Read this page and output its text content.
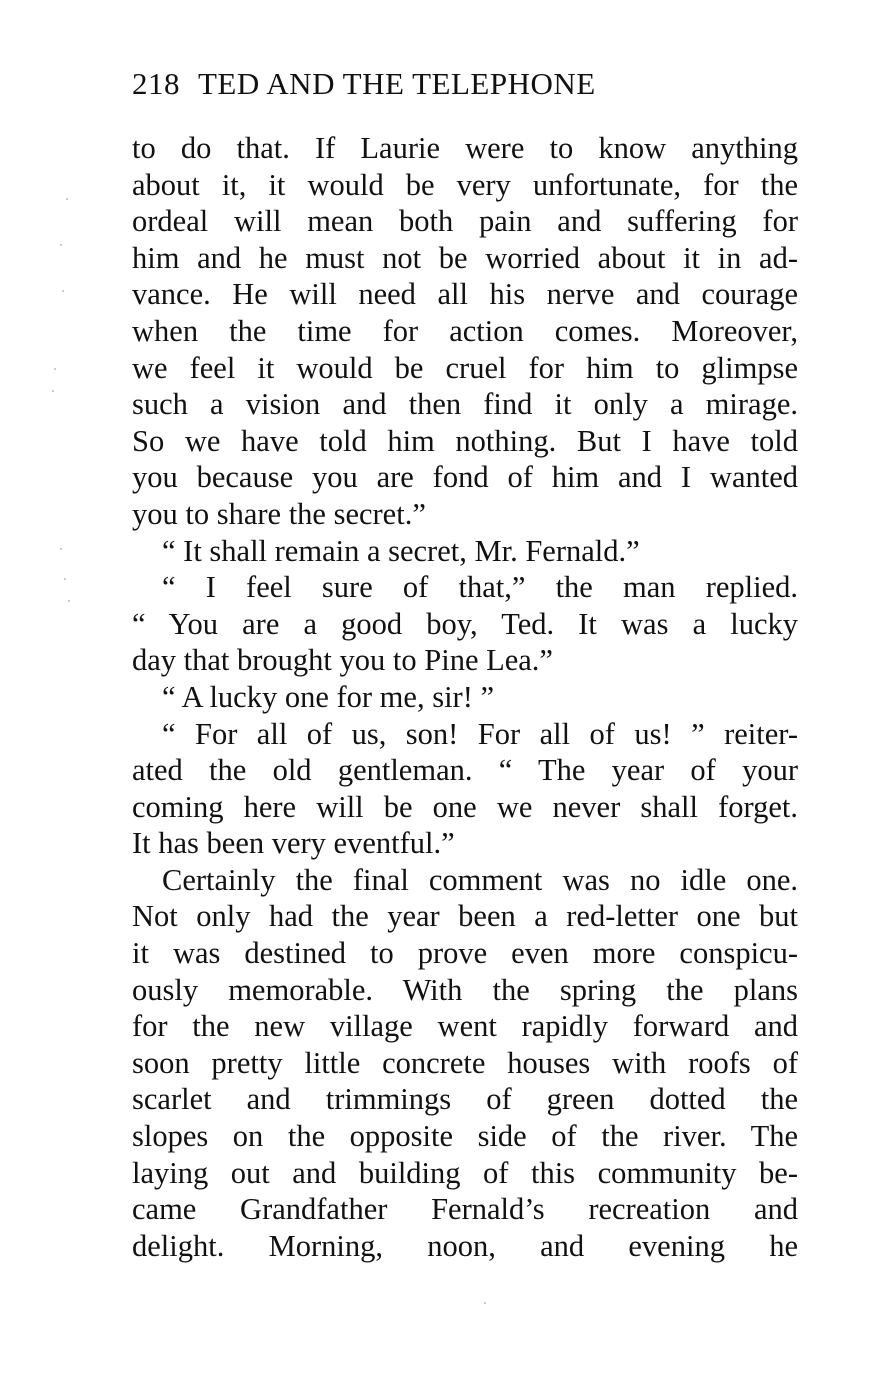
218 TED AND THE TELEPHONE
to do that. If Laurie were to know anything
about it, it would be very unfortunate, for the
ordeal will mean both pain and suffering for
him and he must not be worried about it in ad-
vance. He will need all his nerve and courage
when the time for action comes. Moreover,
we feel it would be cruel for him to glimpse
such a vision and then find it only a mirage.
So we have told him nothing. But I have told
you because you are fond of him and I wanted
you to share the secret.”
“ It shall remain a secret, Mr. Fernald.”
“ I feel sure of that,” the man replied.
“ You are a good boy, Ted. It was a lucky
day that brought you to Pine Lea.”
“ A lucky one for me, sir! ”
“ For all of us, son! For all of us! ” reiter-
ated the old gentleman. “ The year of your
coming here will be one we never shall forget.
It has been very eventful.”
Certainly the final comment was no idle one.
Not only had the year been a red-letter one but
it was destined to prove even more conspicu-
ously memorable. With the spring the plans
for the new village went rapidly forward and
soon pretty little concrete houses with roofs of
scarlet and trimmings of green dotted the
slopes on the opposite side of the river. The
laying out and building of this community be-
came Grandfather Fernald’s recreation and
delight. Morning, noon, and evening he
